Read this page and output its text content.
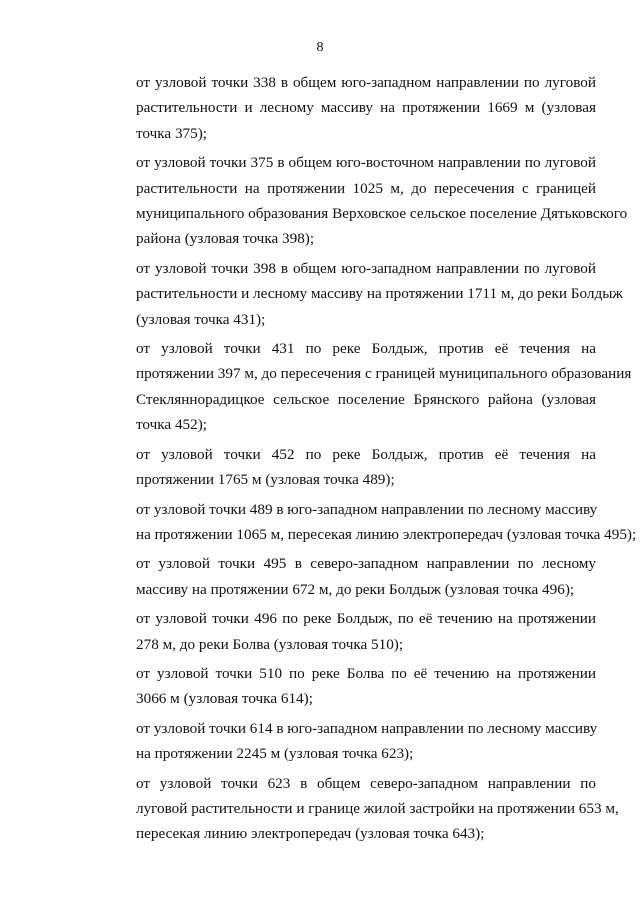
8

от узловой точки 338 в общем юго-западном направлении по луговой
растительности и лесному массиву на протяжении 1669 м (узловая
точка 375);

от узловой точки 375 в общем юго-восточном направлении по луговой
растительности на протяжении 1025 м, до пересечения с границей
муниципального образования Верховское сельское поселение Дятьковского
района (узловая точка 398);

от узловой точки 398 в общем юго-западном направлении по луговой
растительности и лесному массиву на протяжении 1711 м, до реки Болдыж
(узловая точка 431);

от узловой точки 431 по реке Болдыж, против её течения на
протяжении 397 м, до пересечения с границей муниципального образования
Стекляннорадицкое сельское поселение Брянского района (узловая
точка 452);

от узловой точки 452 по реке Болдыж, против её течения на
протяжении 1765 м (узловая точка 489);

от узловой точки 489 в юго-западном направлении по лесному массиву
на протяжении 1065 м, пересекая линию электропередач (узловая точка 495);

от узловой точки 495 в северо-западном направлении по лесному
массиву на протяжении 672 м, до реки Болдыж (узловая точка 496);

от узловой точки 496 по реке Болдыж, по её течению на протяжении
278 м, до реки Болва (узловая точка 510);

от узловой точки 510 по реке Болва по её течению на протяжении
3066 м (узловая точка 614);

от узловой точки 614 в юго-западном направлении по лесному массиву
на протяжении 2245 м (узловая точка 623);

от узловой точки 623 в общем северо-западном направлении по
луговой растительности и границе жилой застройки на протяжении 653 м,
пересекая линию электропередач (узловая точка 643);
